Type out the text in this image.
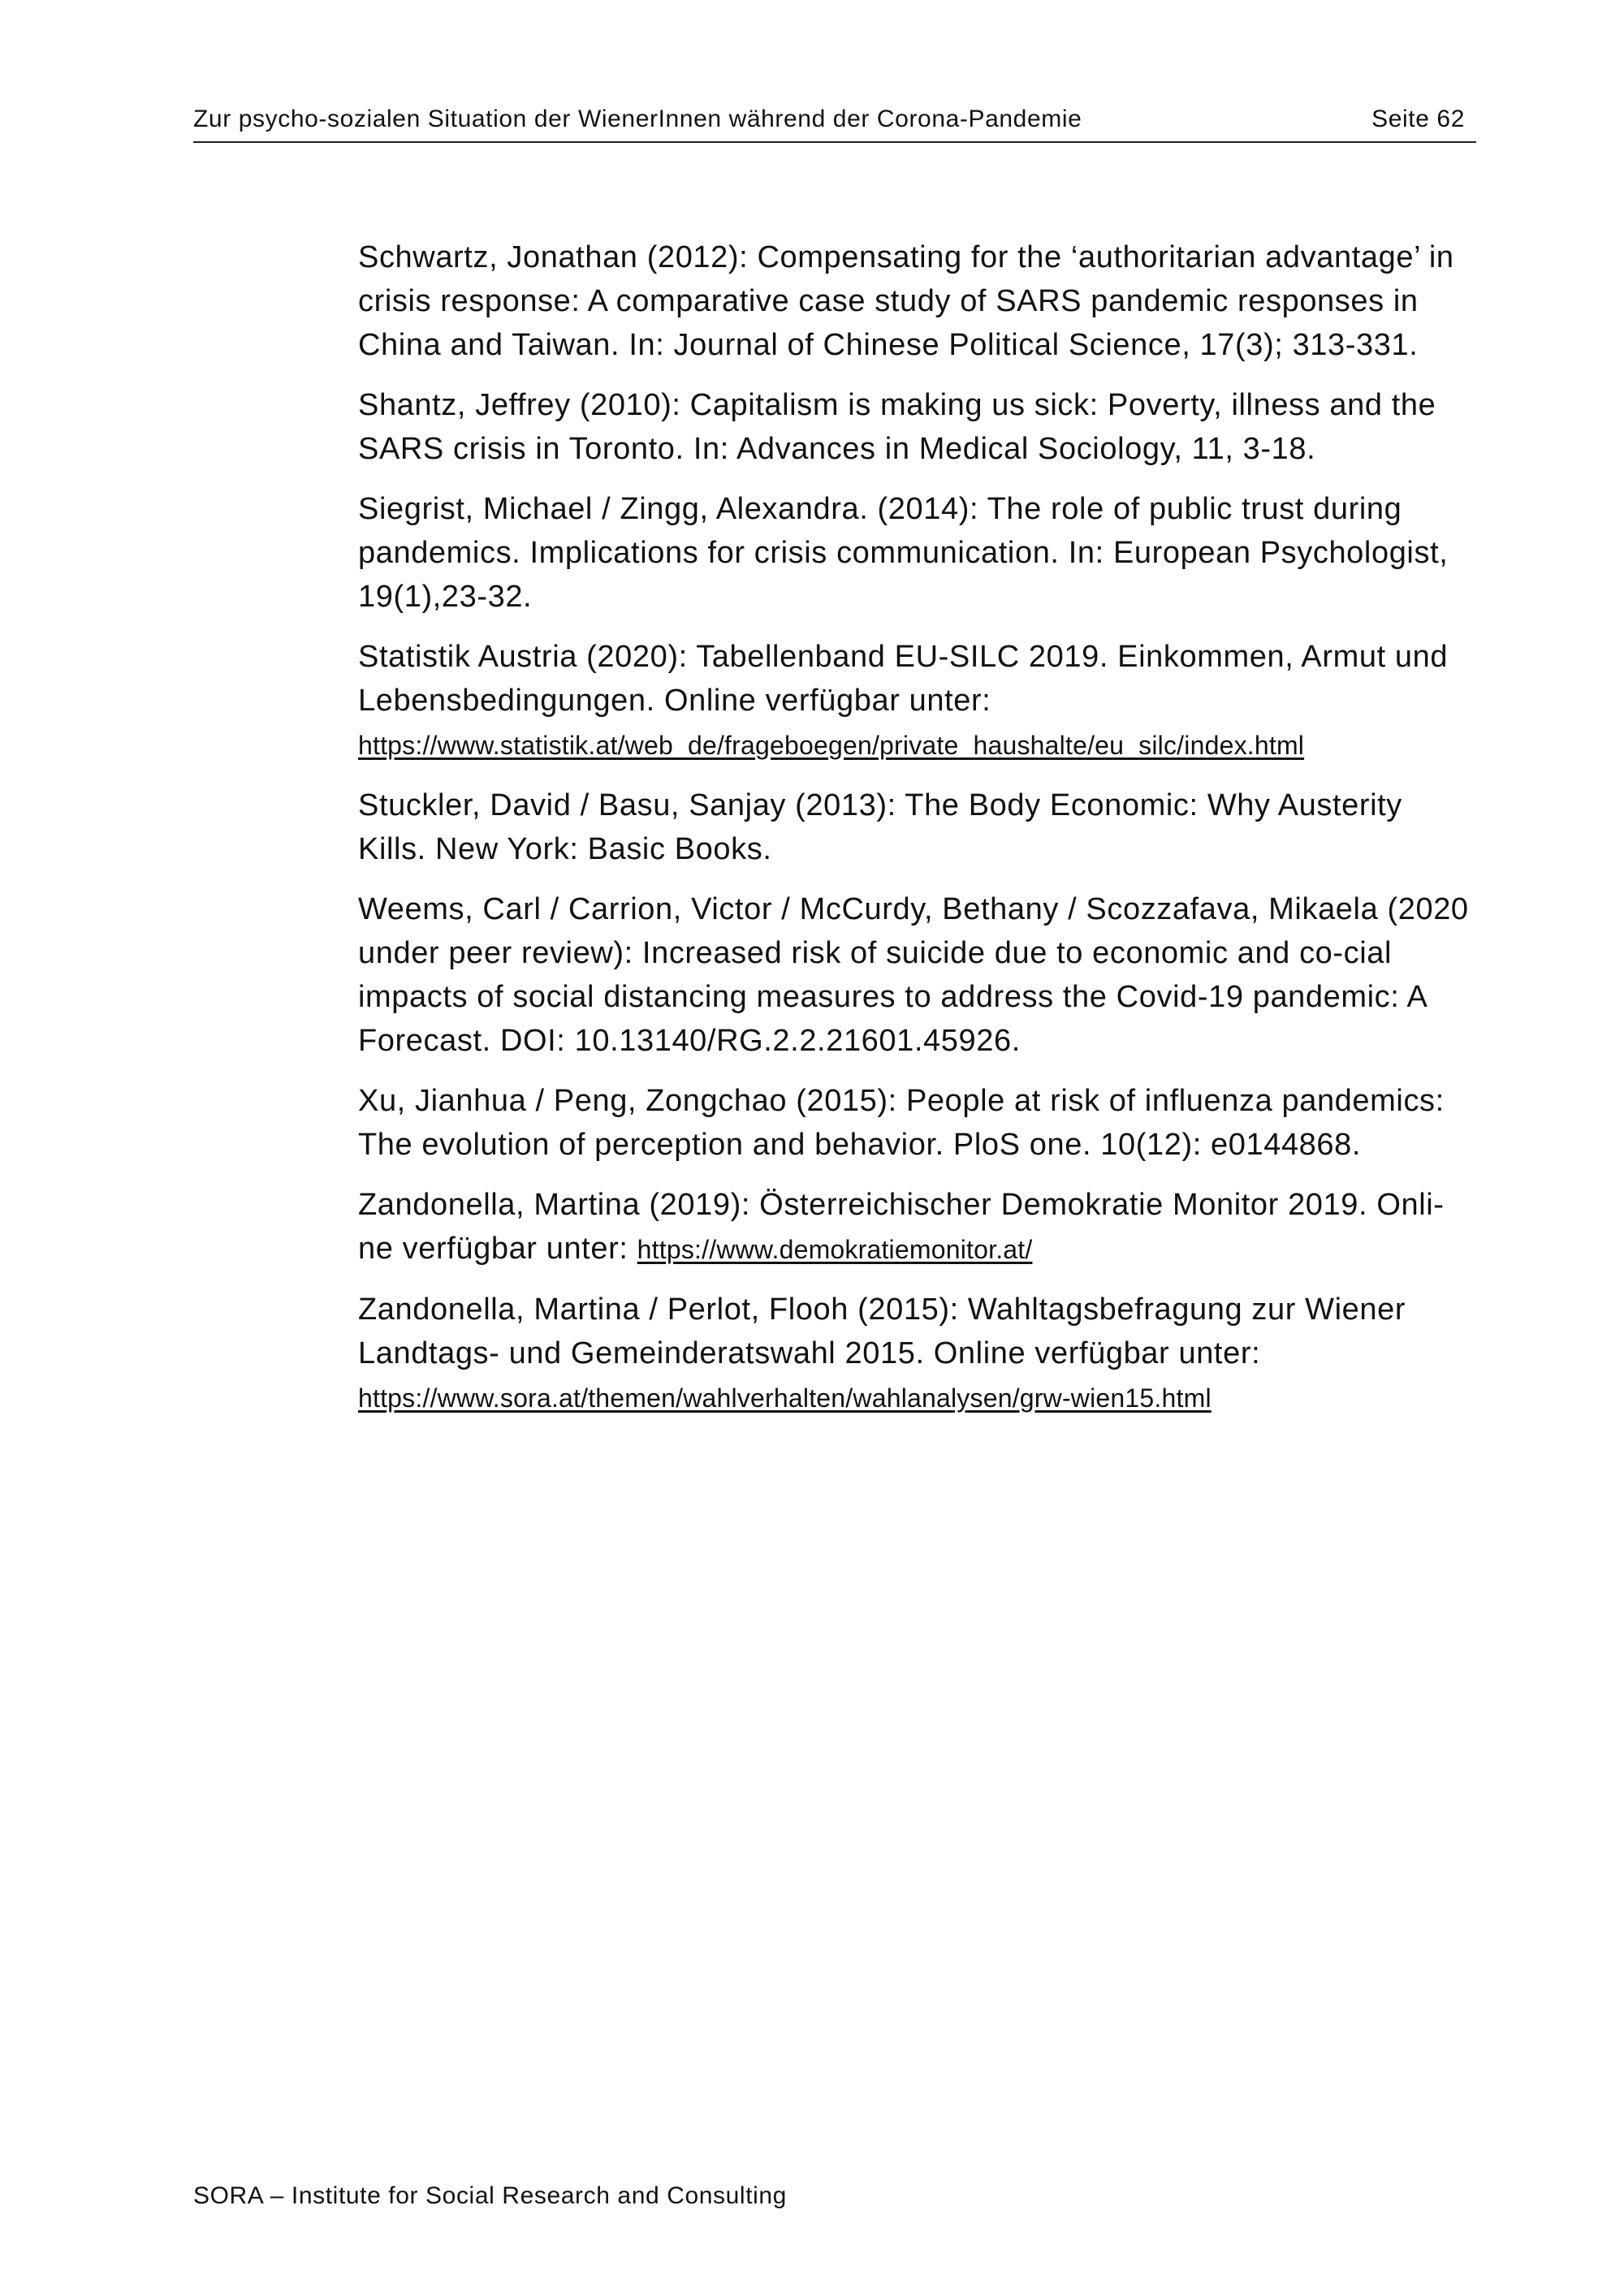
Zur psycho-sozialen Situation der WienerInnen während der Corona-Pandemie	Seite 62

Schwartz, Jonathan (2012): Compensating for the ‘authoritarian advantage’ in crisis response: A comparative case study of SARS pandemic responses in China and Taiwan. In: Journal of Chinese Political Science, 17(3); 313-331.

Shantz, Jeffrey (2010): Capitalism is making us sick: Poverty, illness and the SARS crisis in Toronto. In: Advances in Medical Sociology, 11, 3-18.

Siegrist, Michael / Zingg, Alexandra. (2014): The role of public trust during pandemics. Implications for crisis communication. In: European Psychologist, 19(1),23-32.

Statistik Austria (2020): Tabellenband EU-SILC 2019. Einkommen, Armut und Lebensbedingungen. Online verfügbar unter:
https://www.statistik.at/web_de/frageboegen/private_haushalte/eu_silc/index.html

Stuckler, David / Basu, Sanjay (2013): The Body Economic: Why Austerity Kills. New York: Basic Books.

Weems, Carl / Carrion, Victor / McCurdy, Bethany / Scozzafava, Mikaela (2020 under peer review): Increased risk of suicide due to economic and co-cial impacts of social distancing measures to address the Covid-19 pandemic: A Forecast. DOI: 10.13140/RG.2.2.21601.45926.

Xu, Jianhua / Peng, Zongchao (2015): People at risk of influenza pandemics: The evolution of perception and behavior. PloS one. 10(12): e0144868.

Zandonella, Martina (2019): Österreichischer Demokratie Monitor 2019. Onli-ne verfügbar unter: https://www.demokratiemonitor.at/

Zandonella, Martina / Perlot, Flooh (2015): Wahltagsbefragung zur Wiener Landtags- und Gemeinderatswahl 2015. Online verfügbar unter:
https://www.sora.at/themen/wahlverhalten/wahlanalysen/grw-wien15.html

SORA – Institute for Social Research and Consulting
